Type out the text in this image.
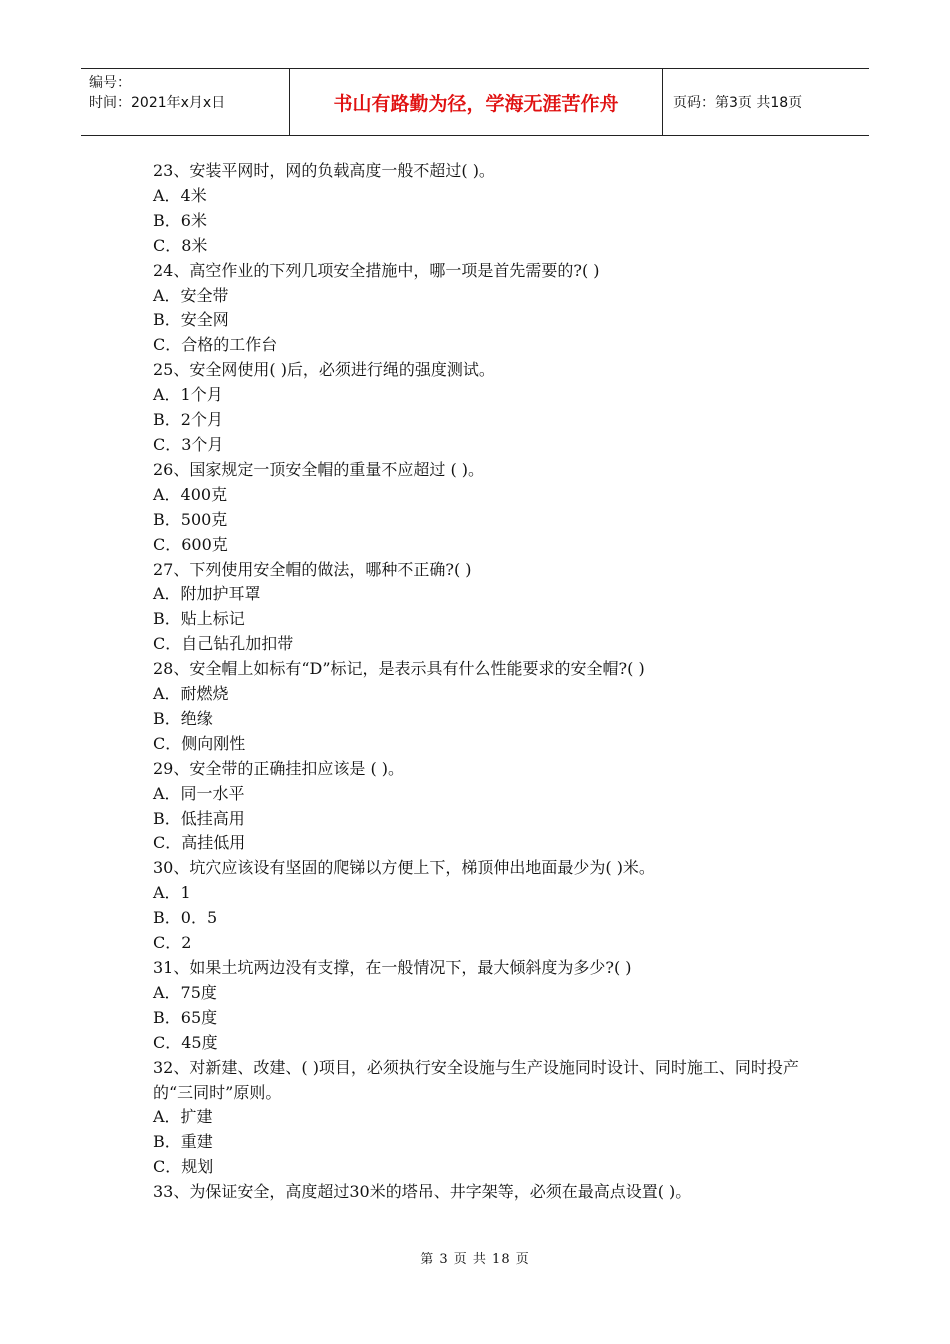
编号：
时间：2021年x月x日	书山有路勤为径，学海无涯苦作舟	页码：第3页 共18页
23、安装平网时，网的负载高度一般不超过( )。
A．4米
B．6米
C．8米
24、高空作业的下列几项安全措施中，哪一项是首先需要的?( )
A．安全带
B．安全网
C．合格的工作台
25、安全网使用( )后，必须进行绳的强度测试。
A．1个月
B．2个月
C．3个月
26、国家规定一顶安全帽的重量不应超过 ( )。
A．400克
B．500克
C．600克
27、下列使用安全帽的做法，哪种不正确?( )
A．附加护耳罩
B．贴上标记
C．自己钻孔加扣带
28、安全帽上如标有“D”标记，是表示具有什么性能要求的安全帽?( )
A．耐燃烧
B．绝缘
C．侧向刚性
29、安全带的正确挂扣应该是 ( )。
A．同一水平
B．低挂高用
C．高挂低用
30、坑穴应该设有坚固的爬锑以方便上下，梯顶伸出地面最少为( )米。
A．1
B．0．5
C．2
31、如果土坑两边没有支撑，在一般情况下，最大倾斜度为多少?( )
A．75度
B．65度
C．45度
32、对新建、改建、( )项目，必须执行安全设施与生产设施同时设计、同时施工、同时投产的“三同时”原则。
A．扩建
B．重建
C．规划
33、为保证安全，高度超过30米的塔吊、井字架等，必须在最高点设置( )。
第 3 页 共 18 页
